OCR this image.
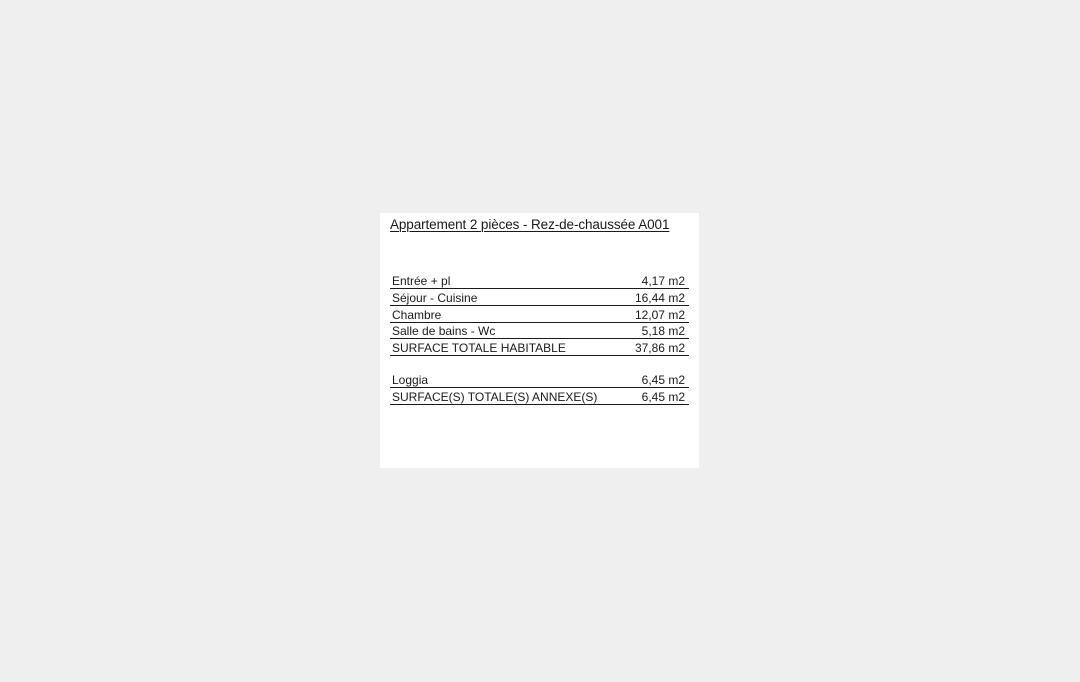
Appartement 2 pièces - Rez-de-chaussée A001
Entrée + pl	4,17 m2
Séjour - Cuisine	16,44 m2
Chambre	12,07 m2
Salle de bains - Wc	5,18 m2
SURFACE TOTALE HABITABLE	37,86 m2
Loggia	6,45 m2
SURFACE(S) TOTALE(S) ANNEXE(S)	6,45 m2
